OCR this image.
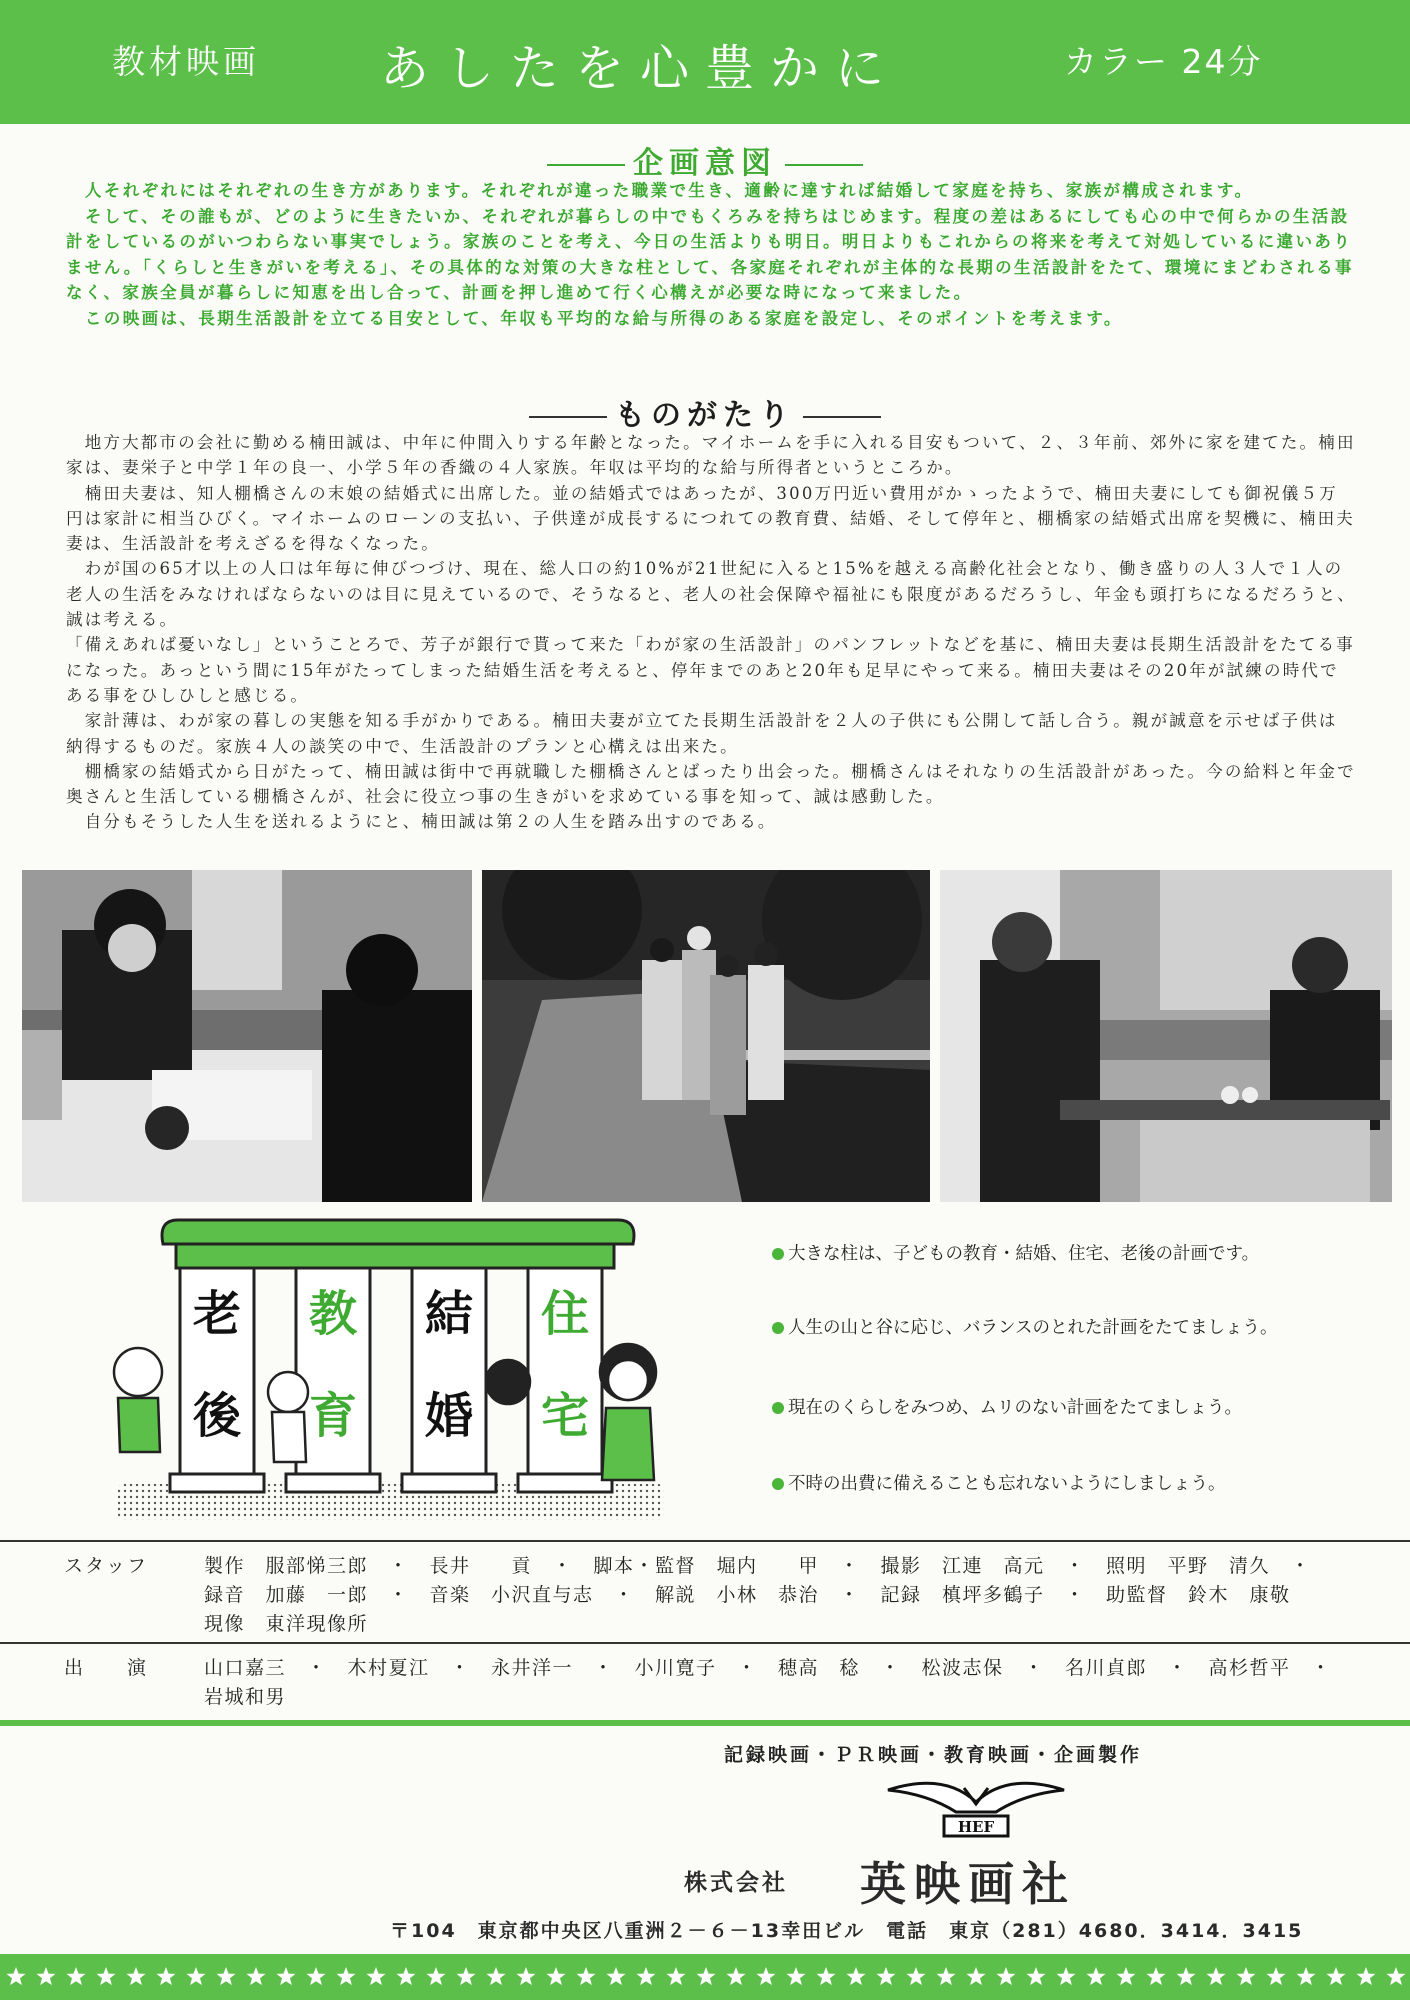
教材映画 あしたを心豊かに	カラー 24分
企画意図
　人それぞれにはそれぞれの生き方があります。それぞれが違った職業で生き、適齢に達すれば結婚して家庭を持ち、家族が構成されます。
　そして、その誰もが、どのように生きたいか、それぞれが暮らしの中でもくろみを持ちはじめます。程度の差はあるにしても心の中で何らかの生活設計をしているのがいつわらない事実でしょう。家族のことを考え、今日の生活よりも明日。明日よりもこれからの将来を考えて対処しているに違いありません。「くらしと生きがいを考える」、その具体的な対策の大きな柱として、各家庭それぞれが主体的な長期の生活設計をたて、環境にまどわされる事なく、家族全員が暮らしに知恵を出し合って、計画を押し進めて行く心構えが必要な時になって来ました。
　この映画は、長期生活設計を立てる目安として、年収も平均的な給与所得のある家庭を設定し、そのポイントを考えます。
ものがたり

　地方大都市の会社に勤める楠田誠は、中年に仲間入りする年齢となった。マイホームを手に入れる目安もついて、２、３年前、郊外に家を建てた。楠田家は、妻栄子と中学１年の良一、小学５年の香織の４人家族。年収は平均的な給与所得者というところか。

　楠田夫妻は、知人棚橋さんの末娘の結婚式に出席した。並の結婚式ではあったが、300万円近い費用がかゝったようで、楠田夫妻にしても御祝儀５万円は家計に相当ひびく。マイホームのローンの支払い、子供達が成長するにつれての教育費、結婚、そして停年と、棚橋家の結婚式出席を契機に、楠田夫妻は、生活設計を考えざるを得なくなった。

　わが国の65才以上の人口は年毎に伸びつづけ、現在、総人口の約10%が21世紀に入ると15%を越える高齢化社会となり、働き盛りの人３人で１人の老人の生活をみなければならないのは目に見えているので、そうなると、老人の社会保障や福祉にも限度があるだろうし、年金も頭打ちになるだろうと、誠は考える。

「備えあれば憂いなし」ということろで、芳子が銀行で貰って来た「わが家の生活設計」のパンフレットなどを基に、楠田夫妻は長期生活設計をたてる事になった。あっという間に15年がたってしまった結婚生活を考えると、停年までのあと20年も足早にやって来る。楠田夫妻はその20年が試練の時代である事をひしひしと感じる。

　家計薄は、わが家の暮しの実態を知る手がかりである。楠田夫妻が立てた長期生活設計を２人の子供にも公開して話し合う。親が誠意を示せば子供は納得するものだ。家族４人の談笑の中で、生活設計のプランと心構えは出来た。

　棚橋家の結婚式から日がたって、楠田誠は街中で再就職した棚橋さんとばったり出会った。棚橋さんはそれなりの生活設計があった。今の給料と年金で奥さんと生活している棚橋さんが、社会に役立つ事の生きがいを求めている事を知って、誠は感動した。

　自分もそうした人生を送れるようにと、楠田誠は第２の人生を踏み出すのである。

老
後
教
育
結
婚
住
宅
大きな柱は、子どもの教育・結婚、住宅、老後の計画です。
人生の山と谷に応じ、バランスのとれた計画をたてましょう。
現在のくらしをみつめ、ムリのない計画をたてましょう。
不時の出費に備えることも忘れないようにしましょう。
スタッフ	製作　服部悌三郎　・　長井　　貢　・　脚本・監督　堀内　　甲　・　撮影　江連　高元　・　照明　平野　清久　・
録音　加藤　一郎　・　音楽　小沢直与志　・　解説　小林　恭治　・　記録　槙坪多鶴子　・　助監督　鈴木　康敬
現像　東洋現像所
出　　演	山口嘉三　・　木村夏江　・　永井洋一　・　小川寛子　・　穂高　稔　・　松波志保　・　名川貞郎　・　高杉哲平　・
岩城和男
記録映画・ＰＲ映画・教育映画・企画製作
HEF
株式会社 英映画社
〒104　東京都中央区八重洲２－６－13幸田ビル　電話　東京（281）4680．3414．3415
